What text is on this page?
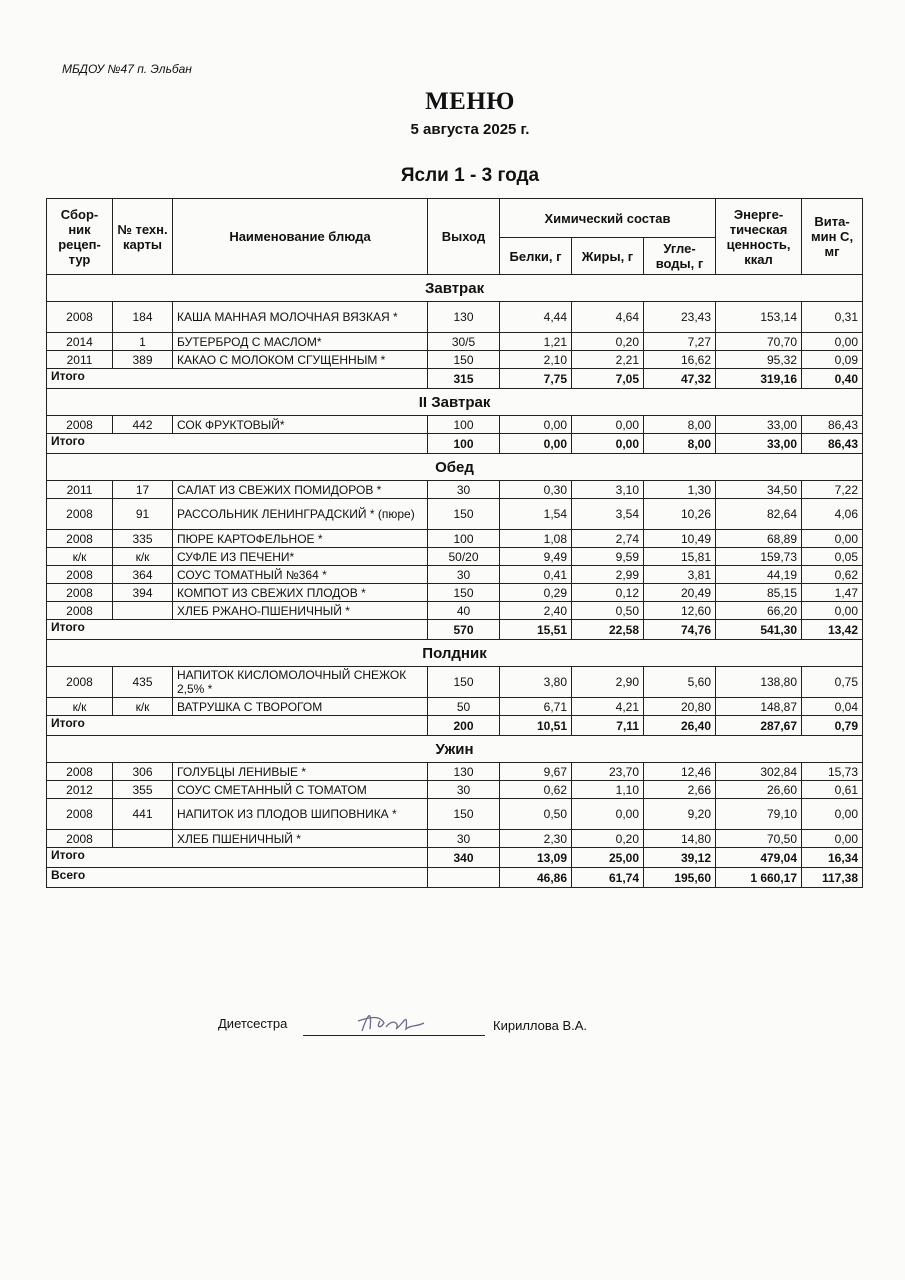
МБДОУ №47 п. Эльбан
МЕНЮ
5 августа 2025 г.
Ясли 1 - 3 года
Сбор-ник рецеп-тур	№ техн. карты	Наименование блюда	Выход	Химический состав			Энерге-тическая ценность, ккал	Вита-мин С, мг
				Белки, г	Жиры, г	Угле-воды, г		
Завтрак								
2008	184	КАША МАННАЯ МОЛОЧНАЯ ВЯЗКАЯ *	130	4,44	4,64	23,43	153,14	0,31
2014	1	БУТЕРБРОД С МАСЛОМ*	30/5	1,21	0,20	7,27	70,70	0,00
2011	389	КАКАО С МОЛОКОМ СГУЩЕННЫМ *	150	2,10	2,21	16,62	95,32	0,09
Итого			315	7,75	7,05	47,32	319,16	0,40
II Завтрак								
2008	442	СОК ФРУКТОВЫЙ*	100	0,00	0,00	8,00	33,00	86,43
Итого			100	0,00	0,00	8,00	33,00	86,43
Обед								
2011	17	САЛАТ ИЗ СВЕЖИХ ПОМИДОРОВ *	30	0,30	3,10	1,30	34,50	7,22
2008	91	РАССОЛЬНИК ЛЕНИНГРАДСКИЙ * (пюре)	150	1,54	3,54	10,26	82,64	4,06
2008	335	ПЮРЕ КАРТОФЕЛЬНОЕ *	100	1,08	2,74	10,49	68,89	0,00
к/к	к/к	СУФЛЕ ИЗ ПЕЧЕНИ*	50/20	9,49	9,59	15,81	159,73	0,05
2008	364	СОУС ТОМАТНЫЙ №364 *	30	0,41	2,99	3,81	44,19	0,62
2008	394	КОМПОТ ИЗ СВЕЖИХ ПЛОДОВ *	150	0,29	0,12	20,49	85,15	1,47
2008		ХЛЕБ РЖАНО-ПШЕНИЧНЫЙ *	40	2,40	0,50	12,60	66,20	0,00
Итого			570	15,51	22,58	74,76	541,30	13,42
Полдник								
2008	435	НАПИТОК КИСЛОМОЛОЧНЫЙ СНЕЖОК 2,5% *	150	3,80	2,90	5,60	138,80	0,75
к/к	к/к	ВАТРУШКА С ТВОРОГОМ	50	6,71	4,21	20,80	148,87	0,04
Итого			200	10,51	7,11	26,40	287,67	0,79
Ужин								
2008	306	ГОЛУБЦЫ ЛЕНИВЫЕ *	130	9,67	23,70	12,46	302,84	15,73
2012	355	СОУС СМЕТАННЫЙ С ТОМАТОМ	30	0,62	1,10	2,66	26,60	0,61
2008	441	НАПИТОК ИЗ ПЛОДОВ ШИПОВНИКА *	150	0,50	0,00	9,20	79,10	0,00
2008		ХЛЕБ ПШЕНИЧНЫЙ *	30	2,30	0,20	14,80	70,50	0,00
Итого			340	13,09	25,00	39,12	479,04	16,34
Всего				46,86	61,74	195,60	1 660,17	117,38
Диетсестра	Кириллова В.А.
